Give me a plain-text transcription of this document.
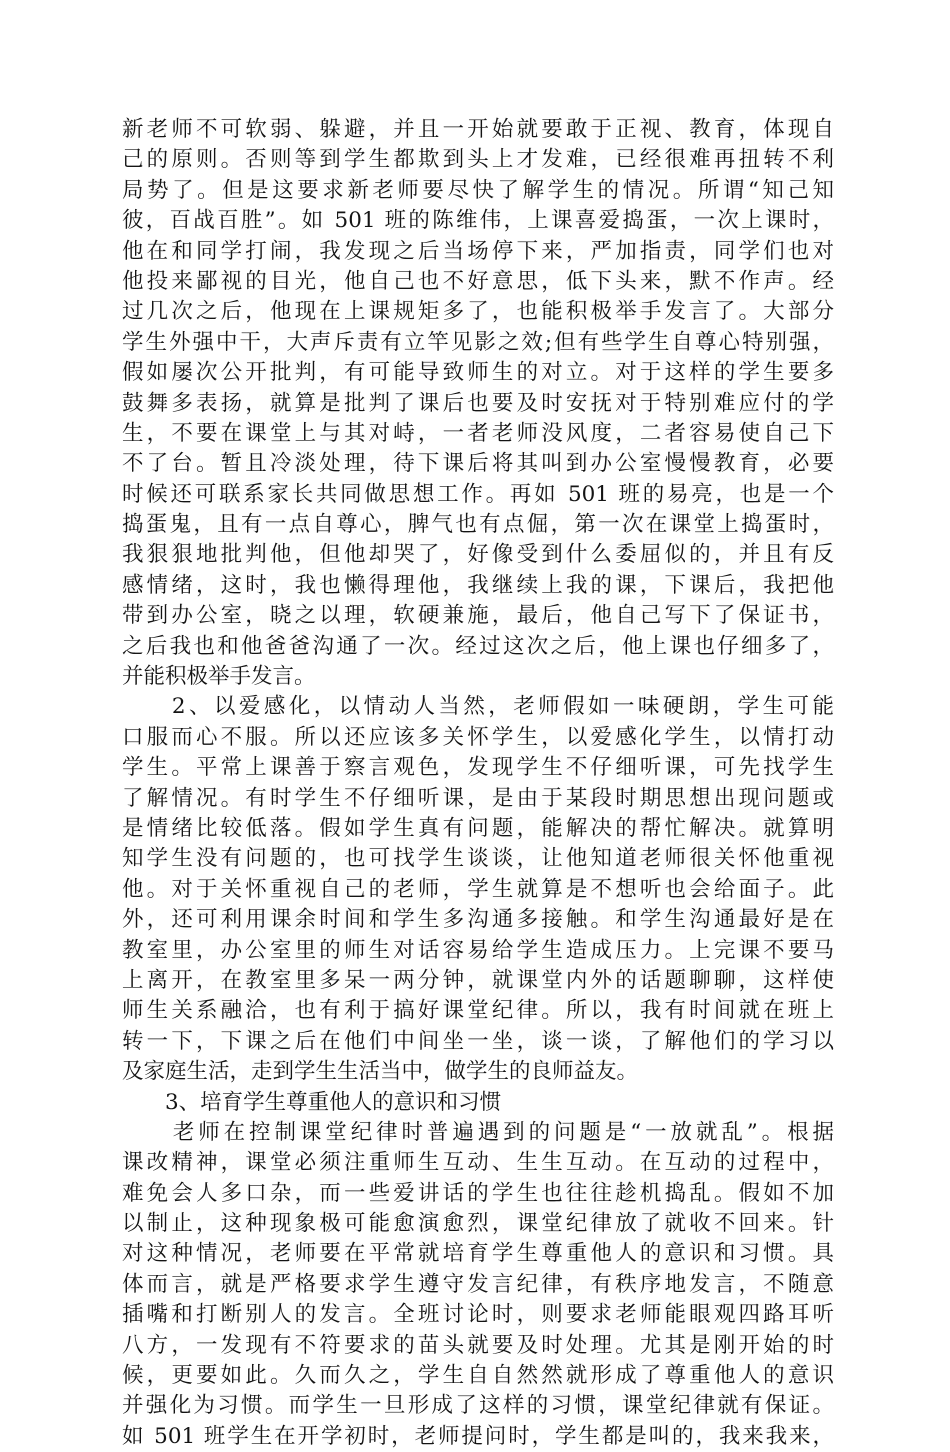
新老师不可软弱、躲避，并且一开始就要敢于正视、教育，体现自
己的原则。否则等到学生都欺到头上才发难，已经很难再扭转不利
局势了。但是这要求新老师要尽快了解学生的情况。所谓“知己知
彼，百战百胜”。如 501 班的陈维伟，上课喜爱捣蛋，一次上课时，
他在和同学打闹，我发现之后当场停下来，严加指责，同学们也对
他投来鄙视的目光，他自己也不好意思，低下头来，默不作声。经
过几次之后，他现在上课规矩多了，也能积极举手发言了。大部分
学生外强中干，大声斥责有立竿见影之效;但有些学生自尊心特别强，
假如屡次公开批判，有可能导致师生的对立。对于这样的学生要多
鼓舞多表扬，就算是批判了课后也要及时安抚对于特别难应付的学
生，不要在课堂上与其对峙，一者老师没风度，二者容易使自己下
不了台。暂且冷淡处理，待下课后将其叫到办公室慢慢教育，必要
时候还可联系家长共同做思想工作。再如 501 班的易亮，也是一个
捣蛋鬼，且有一点自尊心，脾气也有点倔，第一次在课堂上捣蛋时，
我狠狠地批判他，但他却哭了，好像受到什么委屈似的，并且有反
感情绪，这时，我也懒得理他，我继续上我的课，下课后，我把他
带到办公室，晓之以理，软硬兼施，最后，他自己写下了保证书，
之后我也和他爸爸沟通了一次。经过这次之后，他上课也仔细多了，
并能积极举手发言。
　　2、以爱感化，以情动人当然，老师假如一味硬朗，学生可能
口服而心不服。所以还应该多关怀学生，以爱感化学生，以情打动
学生。平常上课善于察言观色，发现学生不仔细听课，可先找学生
了解情况。有时学生不仔细听课，是由于某段时期思想出现问题或
是情绪比较低落。假如学生真有问题，能解决的帮忙解决。就算明
知学生没有问题的，也可找学生谈谈，让他知道老师很关怀他重视
他。对于关怀重视自己的老师，学生就算是不想听也会给面子。此
外，还可利用课余时间和学生多沟通多接触。和学生沟通最好是在
教室里，办公室里的师生对话容易给学生造成压力。上完课不要马
上离开，在教室里多呆一两分钟，就课堂内外的话题聊聊，这样使
师生关系融洽，也有利于搞好课堂纪律。所以，我有时间就在班上
转一下，下课之后在他们中间坐一坐，谈一谈，了解他们的学习以
及家庭生活，走到学生生活当中，做学生的良师益友。
　　3、培育学生尊重他人的意识和习惯
　　老师在控制课堂纪律时普遍遇到的问题是“一放就乱”。根据
课改精神，课堂必须注重师生互动、生生互动。在互动的过程中，
难免会人多口杂，而一些爱讲话的学生也往往趁机捣乱。假如不加
以制止，这种现象极可能愈演愈烈，课堂纪律放了就收不回来。针
对这种情况，老师要在平常就培育学生尊重他人的意识和习惯。具
体而言，就是严格要求学生遵守发言纪律，有秩序地发言，不随意
插嘴和打断别人的发言。全班讨论时，则要求老师能眼观四路耳听
八方，一发现有不符要求的苗头就要及时处理。尤其是刚开始的时
候，更要如此。久而久之，学生自自然然就形成了尊重他人的意识
并强化为习惯。而学生一旦形成了这样的习惯，课堂纪律就有保证。
如 501 班学生在开学初时，老师提问时，学生都是叫的，我来我来，
